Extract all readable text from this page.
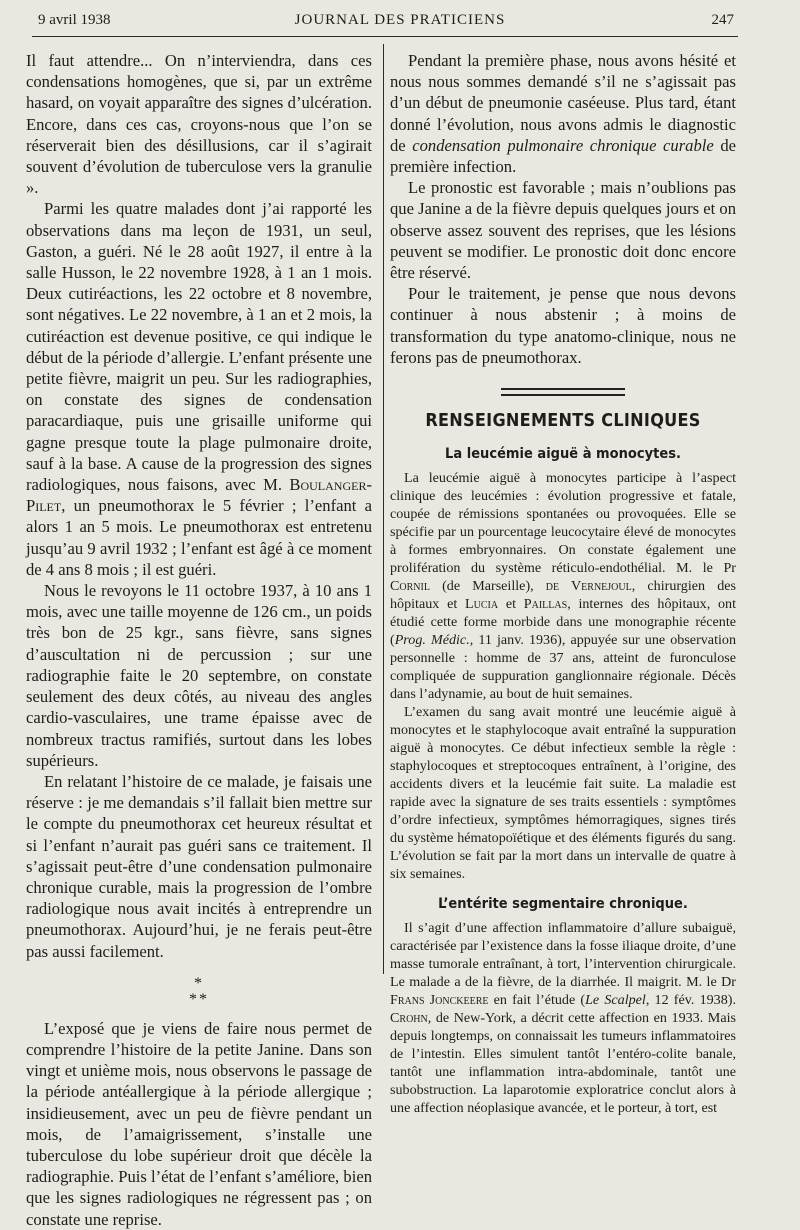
JOURNAL DES PRATICIENS
9 avril 1938	247

Il faut attendre... On n’interviendra, dans ces condensations homogènes, que si, par un extrême hasard, on voyait apparaître des signes d’ulcération. Encore, dans ces cas, croyons-nous que l’on se réserverait bien des désillusions, car il s’agirait souvent d’évolution de tuberculose vers la granulie ».

Parmi les quatre malades dont j’ai rapporté les observations dans ma leçon de 1931, un seul, Gaston, a guéri. Né le 28 août 1927, il entre à la salle Husson, le 22 novembre 1928, à 1 an 1 mois. Deux cutiréactions, les 22 octobre et 8 novembre, sont négatives. Le 22 novembre, à 1 an et 2 mois, la cutiréaction est devenue positive, ce qui indique le début de la période d’allergie. L’enfant présente une petite fièvre, maigrit un peu. Sur les radiographies, on constate des signes de condensation paracardiaque, puis une grisaille uniforme qui gagne presque toute la plage pulmonaire droite, sauf à la base. A cause de la progression des signes radiologiques, nous faisons, avec M. Boulanger-Pilet, un pneumothorax le 5 février ; l’enfant a alors 1 an 5 mois. Le pneumothorax est entretenu jusqu’au 9 avril 1932 ; l’enfant est âgé à ce moment de 4 ans 8 mois ; il est guéri.

Nous le revoyons le 11 octobre 1937, à 10 ans 1 mois, avec une taille moyenne de 126 cm., un poids très bon de 25 kgr., sans fièvre, sans signes d’auscultation ni de percussion ; sur une radiographie faite le 20 septembre, on constate seulement des deux côtés, au niveau des angles cardio-vasculaires, une trame épaisse avec de nombreux tractus ramifiés, surtout dans les lobes supérieurs.

En relatant l’histoire de ce malade, je faisais une réserve : je me demandais s’il fallait bien mettre sur le compte du pneumothorax cet heureux résultat et si l’enfant n’aurait pas guéri sans ce traitement. Il s’agissait peut-être d’une condensation pulmonaire chronique curable, mais la progression de l’ombre radiologique nous avait incités à entreprendre un pneumothorax. Aujourd’hui, je ne ferais peut-être pas aussi facilement.

*
**

L’exposé que je viens de faire nous permet de comprendre l’histoire de la petite Janine. Dans son vingt et unième mois, nous observons le passage de la période antéallergique à la période allergique ; insidieusement, avec un peu de fièvre pendant un mois, de l’amaigrissement, s’installe une tuberculose du lobe supérieur droit que décèle la radiographie. Puis l’état de l’enfant s’améliore, bien que les signes radiologiques ne régressent pas ; on constate une reprise.

Pendant la première phase, nous avons hésité et nous nous sommes demandé s’il ne s’agissait pas d’un début de pneumonie caséeuse. Plus tard, étant donné l’évolution, nous avons admis le diagnostic de condensation pulmonaire chronique curable de première infection.

Le pronostic est favorable ; mais n’oublions pas que Janine a de la fièvre depuis quelques jours et on observe assez souvent des reprises, que les lésions peuvent se modifier. Le pronostic doit donc encore être réservé.

Pour le traitement, je pense que nous devons continuer à nous abstenir ; à moins de transformation du type anatomo-clinique, nous ne ferons pas de pneumothorax.

RENSEIGNEMENTS CLINIQUES
La leucémie aiguë à monocytes.

La leucémie aiguë à monocytes participe à l’aspect clinique des leucémies : évolution progressive et fatale, coupée de rémissions spontanées ou provoquées. Elle se spécifie par un pourcentage leucocytaire élevé de monocytes à formes embryonnaires. On constate également une prolifération du système réticulo-endothélial. M. le Pr Cornil (de Marseille), de Vernejoul, chirurgien des hôpitaux et Lucia et Paillas, internes des hôpitaux, ont étudié cette forme morbide dans une monographie récente (Prog. Médic., 11 janv. 1936), appuyée sur une observation personnelle : homme de 37 ans, atteint de furonculose compliquée de suppuration ganglionnaire régionale. Décès dans l’adynamie, au bout de huit semaines.

L’examen du sang avait montré une leucémie aiguë à monocytes et le staphylocoque avait entraîné la suppuration aiguë à monocytes. Ce début infectieux semble la règle : staphylocoques et streptocoques entraînent, à l’origine, des accidents divers et la leucémie fait suite. La maladie est rapide avec la signature de ses traits essentiels : symptômes d’ordre infectieux, symptômes hémorragiques, signes tirés du système hématopoïétique et des éléments figurés du sang. L’évolution se fait par la mort dans un intervalle de quatre à six semaines.

L’entérite segmentaire chronique.

Il s’agit d’une affection inflammatoire d’allure subaiguë, caractérisée par l’existence dans la fosse iliaque droite, d’une masse tumorale entraînant, à tort, l’intervention chirurgicale. Le malade a de la fièvre, de la diarrhée. Il maigrit. M. le Dr Frans Jonckeere en fait l’étude (Le Scalpel, 12 fév. 1938). Crohn, de New-York, a décrit cette affection en 1933. Mais depuis longtemps, on connaissait les tumeurs inflammatoires de l’intestin. Elles simulent tantôt l’entéro-colite banale, tantôt une inflammation intra-abdominale, tantôt une subobstruction. La laparotomie exploratrice conclut alors à une affection néoplasique avancée, et le porteur, à tort, est
